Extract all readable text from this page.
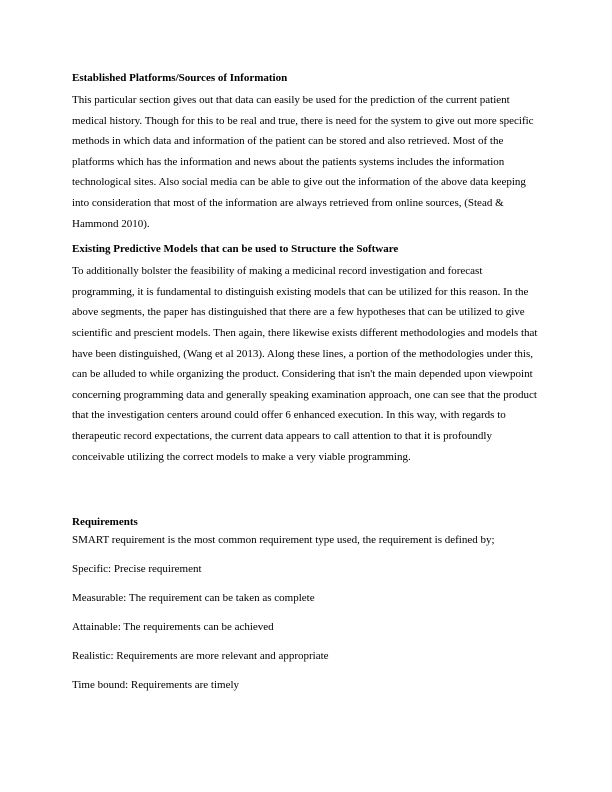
Established Platforms/Sources of Information

This particular section gives out that data can easily be used for the prediction of the current patient medical history. Though for this to be real and true, there is need for the system to give out more specific methods in which data and information of the patient can be stored and also retrieved. Most of the platforms which has the information and news about the patients systems includes the information technological sites. Also social media can be able to give out the information of the above data keeping into consideration that most of the information are always retrieved from online sources, (Stead & Hammond 2010).

Existing Predictive Models that can be used to Structure the Software

To additionally bolster the feasibility of making a medicinal record investigation and forecast programming, it is fundamental to distinguish existing models that can be utilized for this reason. In the above segments, the paper has distinguished that there are a few hypotheses that can be utilized to give scientific and prescient models. Then again, there likewise exists different methodologies and models that have been distinguished, (Wang et al 2013). Along these lines, a portion of the methodologies under this, can be alluded to while organizing the product. Considering that isn't the main depended upon viewpoint concerning programming data and generally speaking examination approach, one can see that the product that the investigation centers around could offer 6 enhanced execution. In this way, with regards to therapeutic record expectations, the current data appears to call attention to that it is profoundly conceivable utilizing the correct models to make a very viable programming.

Requirements
SMART requirement is the most common requirement type used, the requirement is defined by;
Specific: Precise requirement
Measurable: The requirement can be taken as complete
Attainable: The requirements can be achieved
Realistic: Requirements are more relevant and appropriate
Time bound: Requirements are timely
